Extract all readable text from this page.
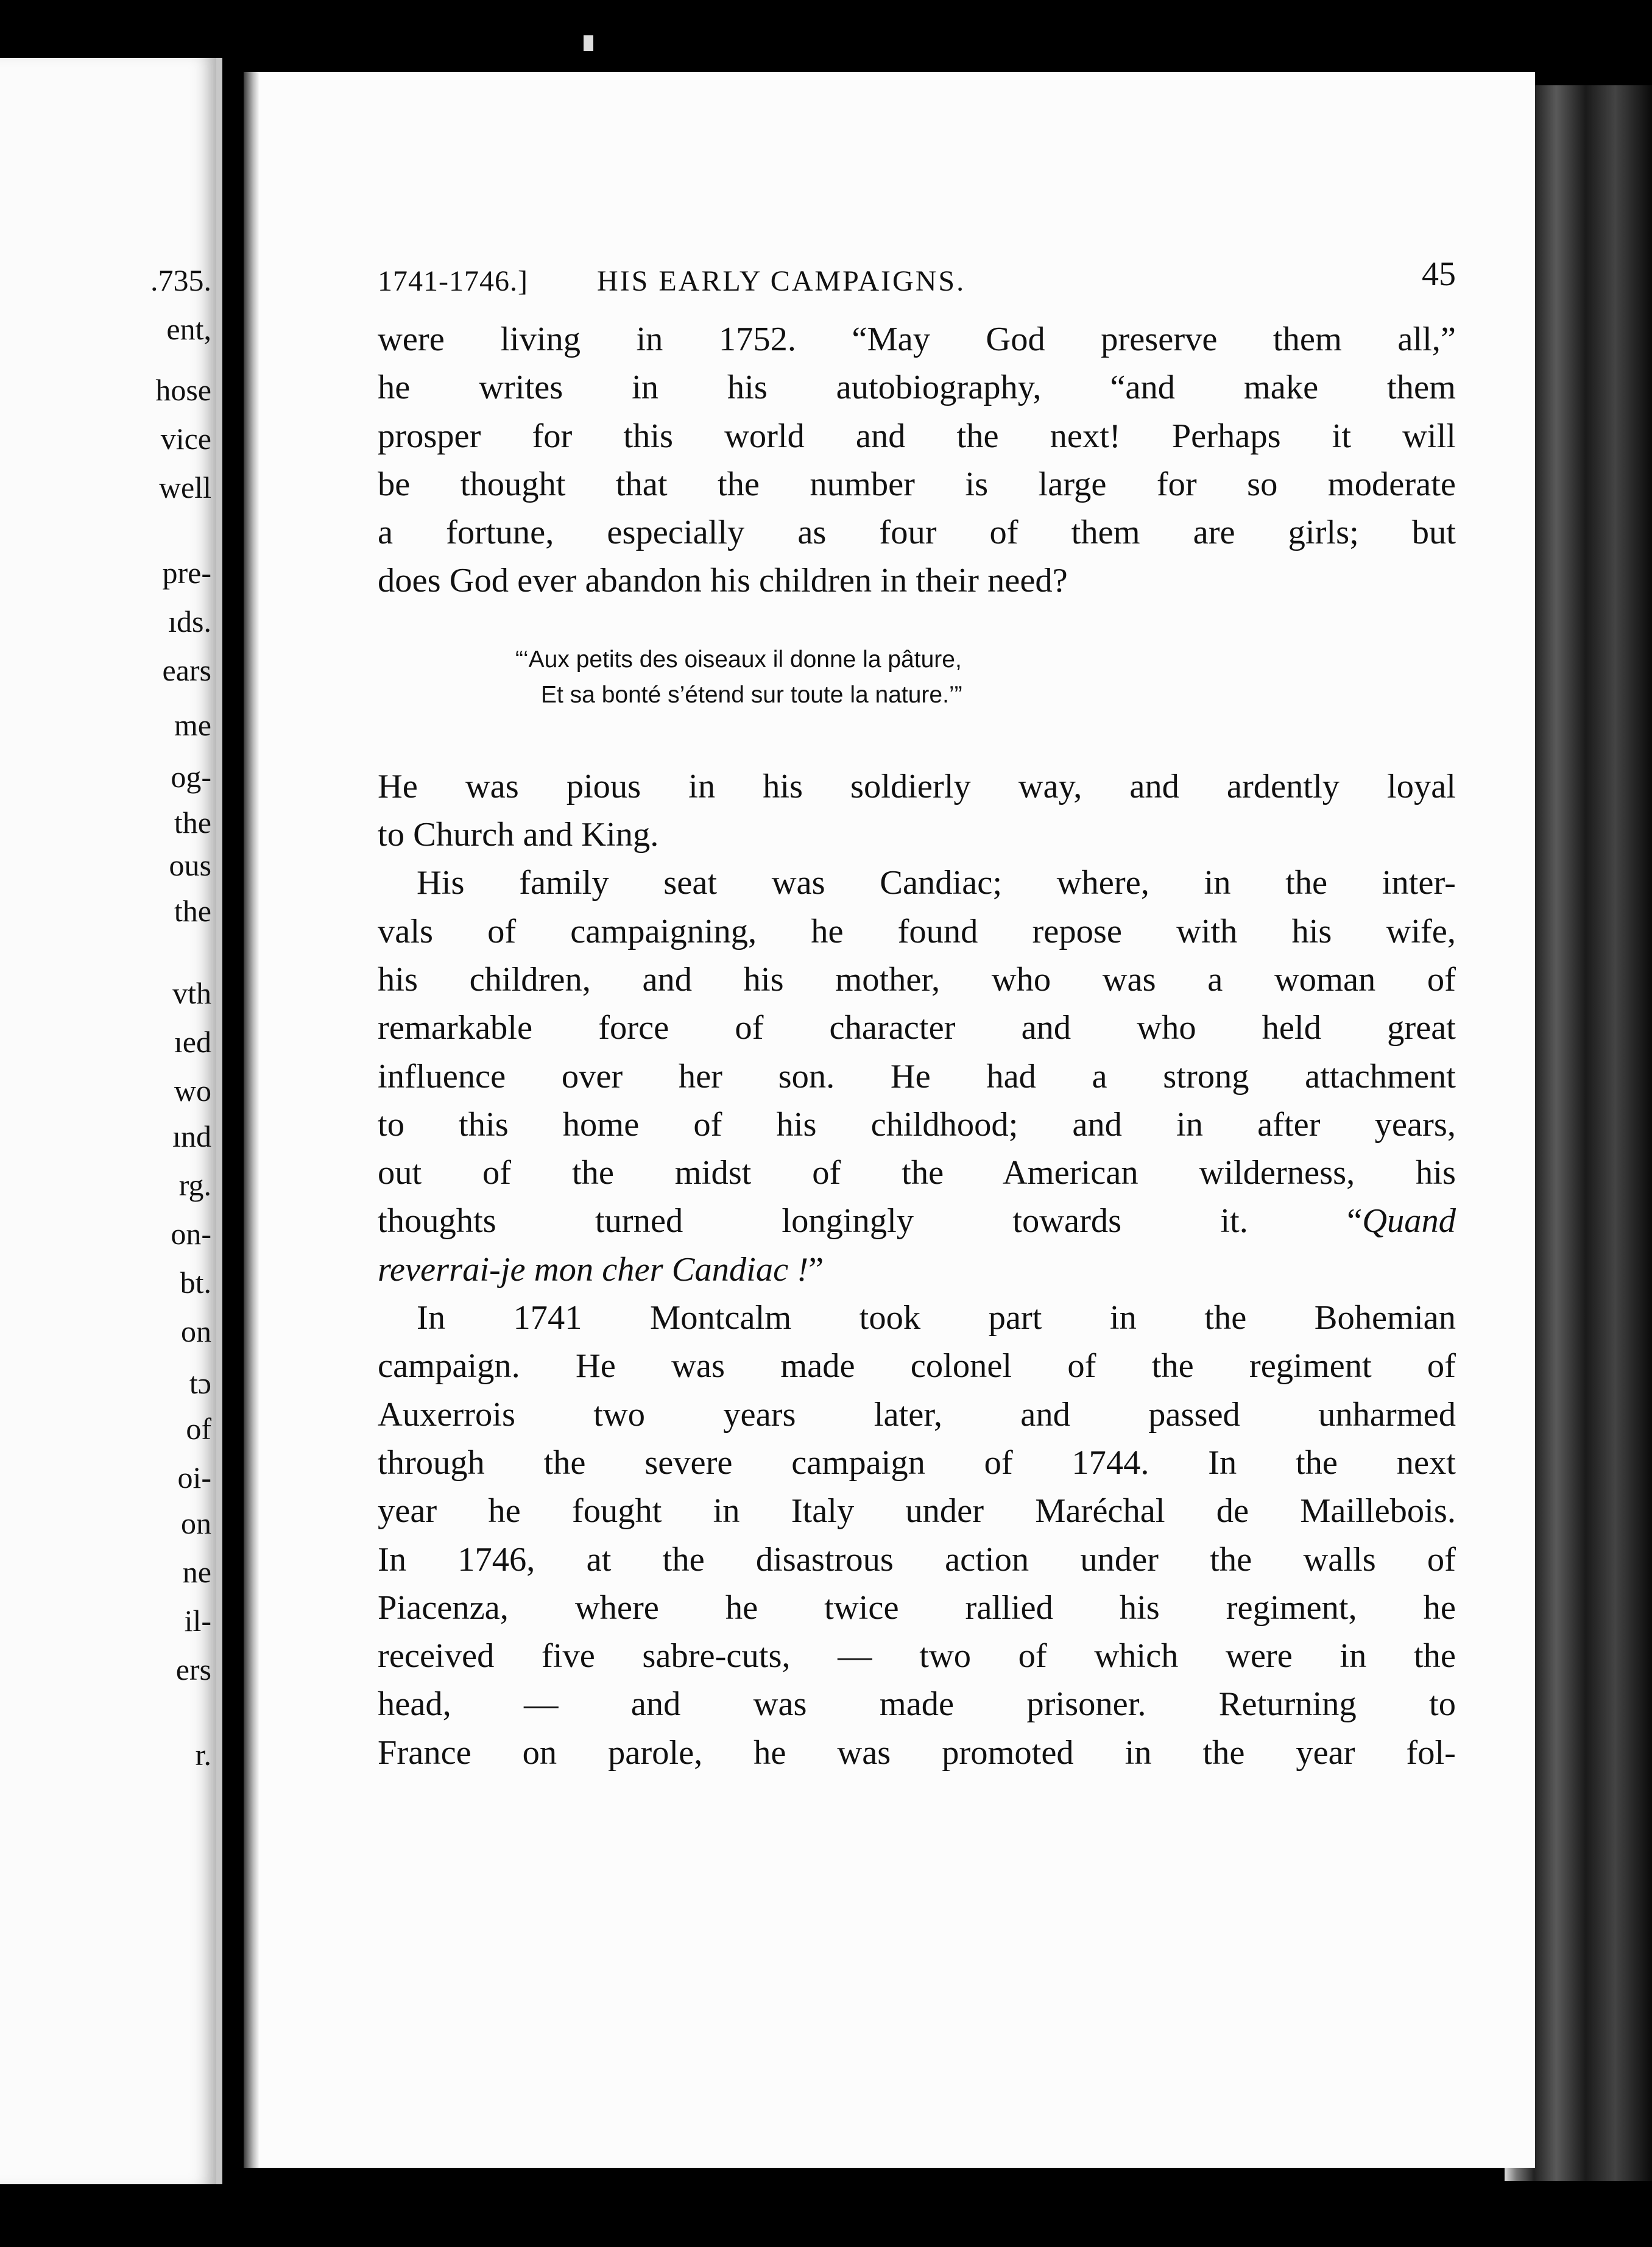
.735.
ent,
hose
vice
well
pre-
ıds.
ears
me
og-
the
ous
the
vth
ıed
wo
ınd
rg.
on-
bt.
on
tɔ
of
oi-
on
ne
il-
ers
r.
1741-1746.] HIS EARLY CAMPAIGNS.	45
were living in 1752. “May God preserve them all,”
he writes in his autobiography, “and make them
prosper for this world and the next! Perhaps it will
be thought that the number is large for so moderate
a fortune, especially as four of them are girls; but
does God ever abandon his children in their need?
“‘Aux petits des oiseaux il donne la pâture,
Et sa bonté s’étend sur toute la nature.’”
He was pious in his soldierly way, and ardently loyal
to Church and King.
His family seat was Candiac; where, in the inter-
vals of campaigning, he found repose with his wife,
his children, and his mother, who was a woman of
remarkable force of character and who held great
influence over her son. He had a strong attachment
to this home of his childhood; and in after years,
out of the midst of the American wilderness, his
thoughts turned longingly towards it. “Quand
reverrai-je mon cher Candiac !”
In 1741 Montcalm took part in the Bohemian
campaign. He was made colonel of the regiment of
Auxerrois two years later, and passed unharmed
through the severe campaign of 1744. In the next
year he fought in Italy under Maréchal de Maillebois.
In 1746, at the disastrous action under the walls of
Piacenza, where he twice rallied his regiment, he
received five sabre-cuts, — two of which were in the
head, — and was made prisoner. Returning to
France on parole, he was promoted in the year fol-
